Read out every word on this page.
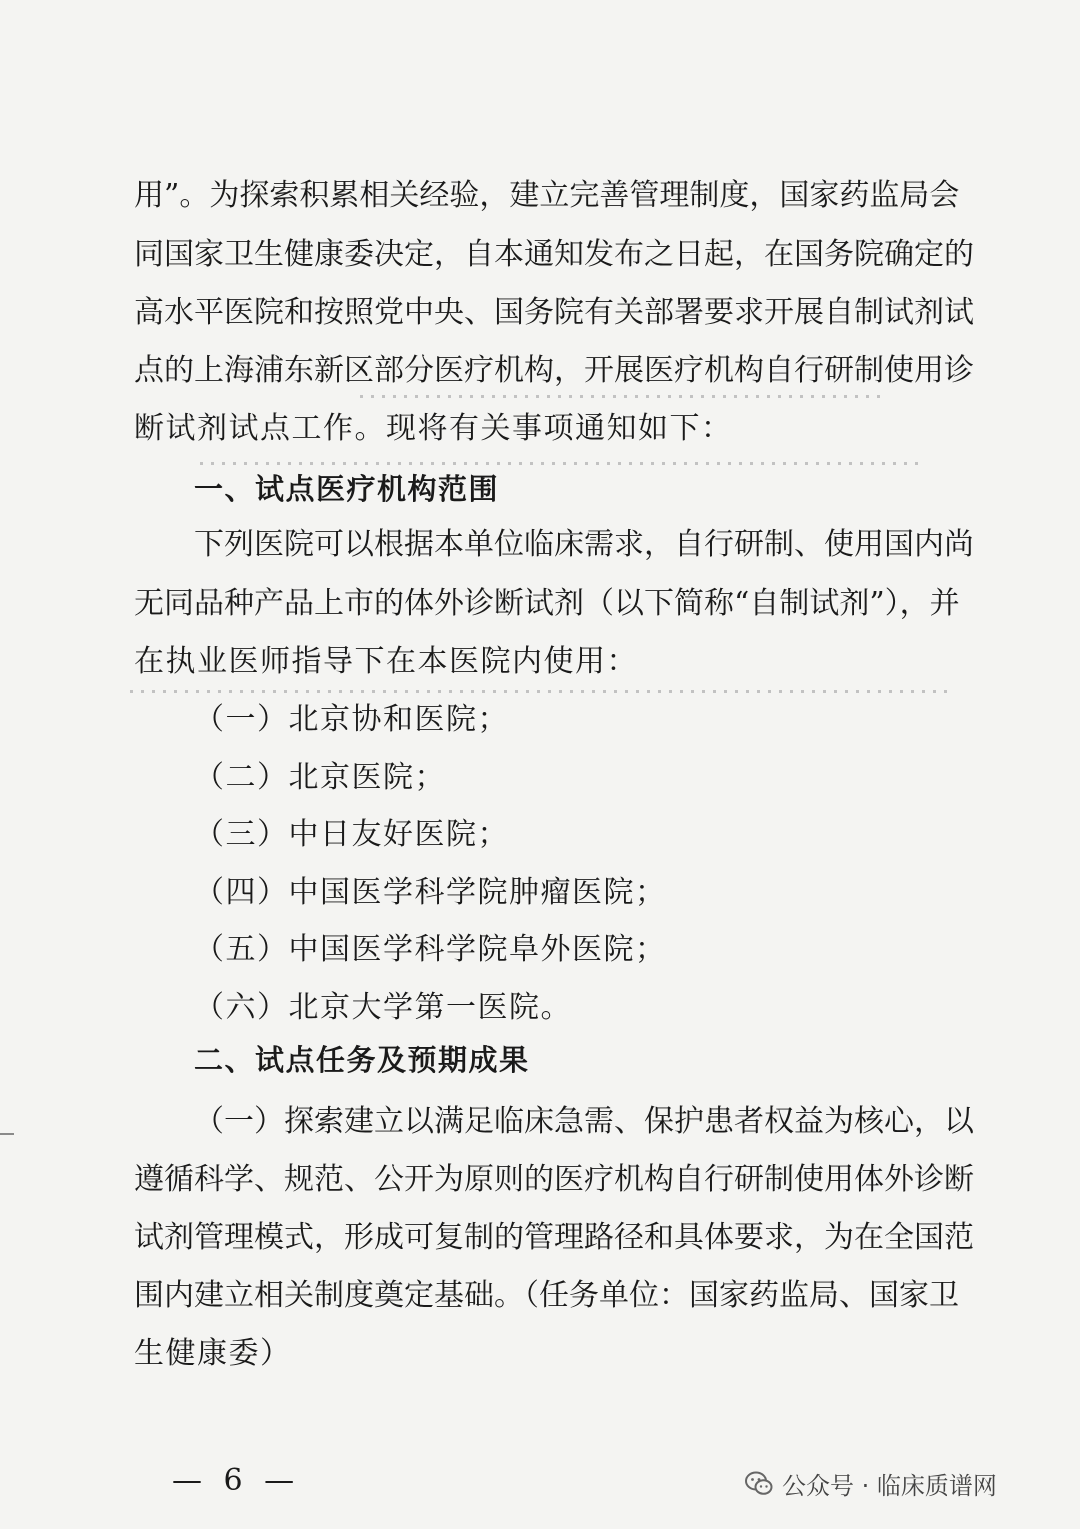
用”。为探索积累相关经验，建立完善管理制度，国家药监局会
同国家卫生健康委决定，自本通知发布之日起，在国务院确定的
高水平医院和按照党中央、国务院有关部署要求开展自制试剂试
点的上海浦东新区部分医疗机构，开展医疗机构自行研制使用诊
断试剂试点工作。现将有关事项通知如下：
一、试点医疗机构范围
下列医院可以根据本单位临床需求，自行研制、使用国内尚
无同品种产品上市的体外诊断试剂（以下简称“自制试剂”），并
在执业医师指导下在本医院内使用：
（一）北京协和医院；
（二）北京医院；
（三）中日友好医院；
（四）中国医学科学院肿瘤医院；
（五）中国医学科学院阜外医院；
（六）北京大学第一医院。
二、试点任务及预期成果
（一）探索建立以满足临床急需、保护患者权益为核心，以
遵循科学、规范、公开为原则的医疗机构自行研制使用体外诊断
试剂管理模式，形成可复制的管理路径和具体要求，为在全国范
围内建立相关制度奠定基础。（任务单位：国家药监局、国家卫
生健康委）
— 6 —	公众号 · 临床质谱网
